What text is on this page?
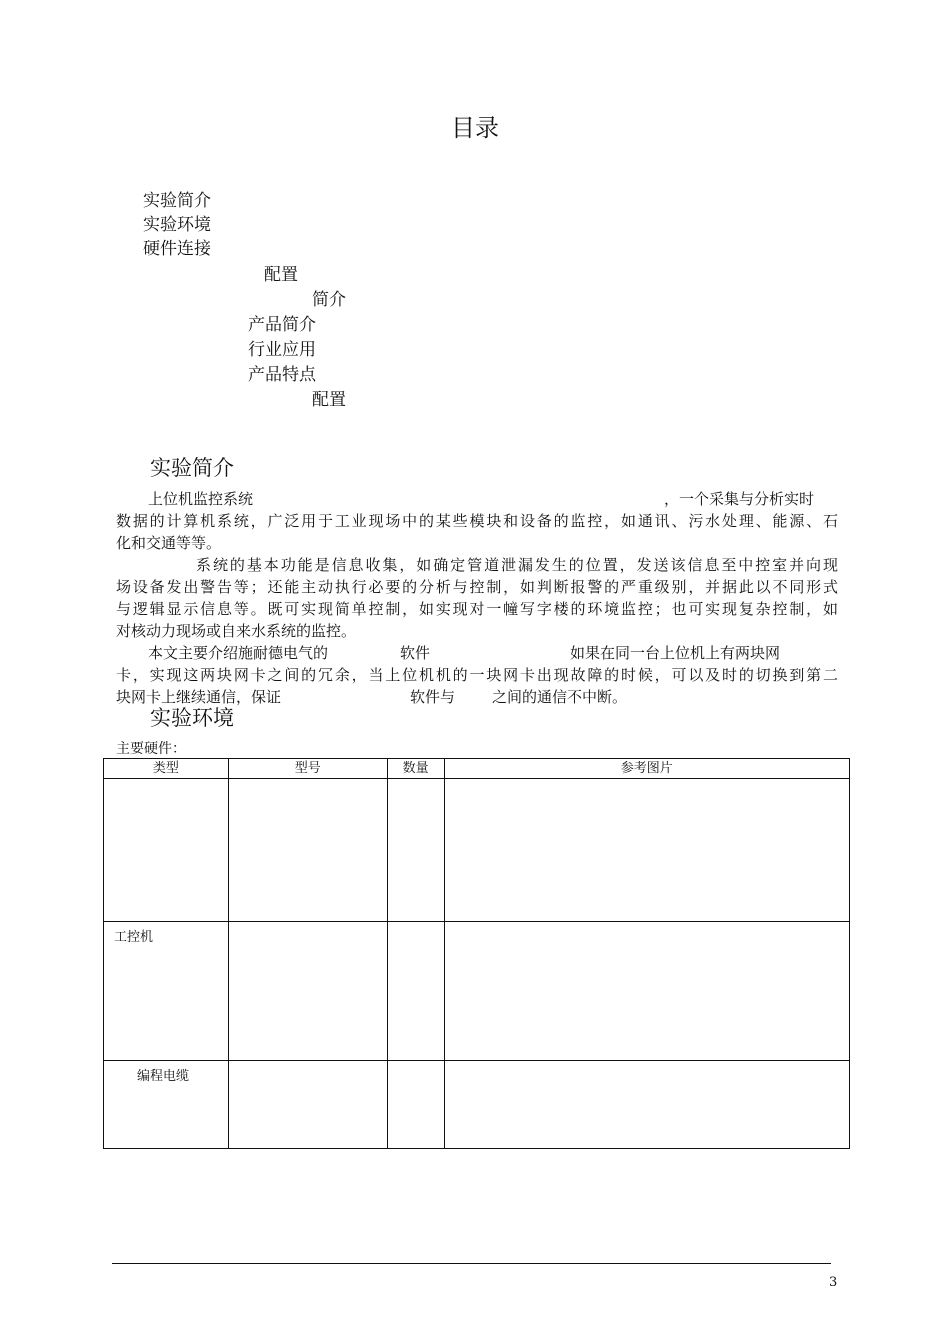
目录
实验简介
实验环境
硬件连接
配置
简介
产品简介
行业应用
产品特点
配置
实验简介
上位机监控系统	，一个采集与分析实时
数据的计算机系统，广泛用于工业现场中的某些模块和设备的监控，如通讯、污水处理、能源、石
化和交通等等。
系统的基本功能是信息收集，如确定管道泄漏发生的位置，发送该信息至中控室并向现
场设备发出警告等；还能主动执行必要的分析与控制，如判断报警的严重级别，并据此以不同形式
与逻辑显示信息等。既可实现简单控制，如实现对一幢写字楼的环境监控；也可实现复杂控制，如
对核动力现场或自来水系统的监控。
本文主要介绍施耐德电气的	软件	如果在同一台上位机上有两块网
卡，实现这两块网卡之间的冗余，当上位机机的一块网卡出现故障的时候，可以及时的切换到第二
块网卡上继续通信，保证	软件与 之间的通信不中断。
实验环境
主要硬件：
类型	型号	数量	参考图片

工控机			
编程电缆			
3
